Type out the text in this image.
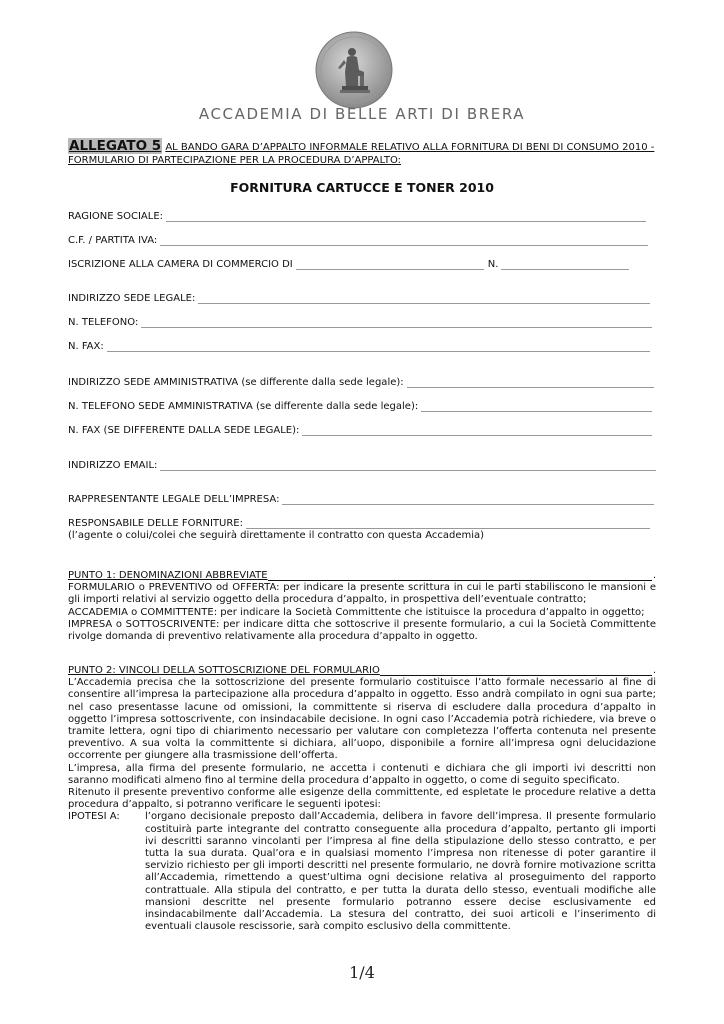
ACCADEMIA DI BELLE ARTI DI BRERA
ALLEGATO 5 AL BANDO GARA D’APPALTO INFORMALE RELATIVO ALLA FORNITURA DI BENI DI CONSUMO 2010 - FORMULARIO DI PARTECIPAZIONE PER LA PROCEDURA D’APPALTO:
FORNITURA CARTUCCE E TONER 2010
RAGIONE SOCIALE:
C.F. / PARTITA IVA:
ISCRIZIONE ALLA CAMERA DI COMMERCIO DI	N.
INDIRIZZO SEDE LEGALE:
N. TELEFONO:
N. FAX:
INDIRIZZO SEDE AMMINISTRATIVA (se differente dalla sede legale):
N. TELEFONO SEDE AMMINISTRATIVA (se differente dalla sede legale):
N. FAX (SE DIFFERENTE DALLA SEDE LEGALE):
INDIRIZZO EMAIL:
RAPPRESENTANTE LEGALE DELL’IMPRESA:
RESPONSABILE DELLE FORNITURE:
(l’agente o colui/colei che seguirà direttamente il contratto con questa Accademia)
PUNTO 1: DENOMINAZIONI ABBREVIATE	.

FORMULARIO o PREVENTIVO od OFFERTA: per indicare la presente scrittura in cui le parti stabiliscono le mansioni e gli importi relativi al servizio oggetto della procedura d’appalto, in prospettiva dell’eventuale contratto;

ACCADEMIA o COMMITTENTE: per indicare la Società Committente che istituisce la procedura d’appalto in oggetto;

IMPRESA o SOTTOSCRIVENTE: per indicare ditta che sottoscrive il presente formulario, a cui la Società Committente rivolge domanda di preventivo relativamente alla procedura d’appalto in oggetto.

PUNTO 2: VINCOLI DELLA SOTTOSCRIZIONE DEL FORMULARIO	.

L’Accademia precisa che la sottoscrizione del presente formulario costituisce l’atto formale necessario al fine di consentire all’impresa la partecipazione alla procedura d’appalto in oggetto. Esso andrà compilato in ogni sua parte; nel caso presentasse lacune od omissioni, la committente si riserva di escludere dalla procedura d’appalto in oggetto l’impresa sottoscrivente, con insindacabile decisione. In ogni caso l’Accademia potrà richiedere, via breve o tramite lettera, ogni tipo di chiarimento necessario per valutare con completezza l’offerta contenuta nel presente preventivo. A sua volta la committente si dichiara, all’uopo, disponibile a fornire all’impresa ogni delucidazione occorrente per giungere alla trasmissione dell’offerta.

L’impresa, alla firma del presente formulario, ne accetta i contenuti e dichiara che gli importi ivi descritti non saranno modificati almeno fino al termine della procedura d’appalto in oggetto, o come di seguito specificato.

Ritenuto il presente preventivo conforme alle esigenze della committente, ed espletate le procedure relative a detta procedura d’appalto, si potranno verificare le seguenti ipotesi:

IPOTESI A:	l’organo decisionale preposto dall’Accademia, delibera in favore dell’impresa. Il presente formulario costituirà parte integrante del contratto conseguente alla procedura d’appalto, pertanto gli importi ivi descritti saranno vincolanti per l’impresa al fine della stipulazione dello stesso contratto, e per tutta la sua durata. Qual’ora e in qualsiasi momento l’impresa non ritenesse di poter garantire il servizio richiesto per gli importi descritti nel presente formulario, ne dovrà fornire motivazione scritta all’Accademia, rimettendo a quest’ultima ogni decisione relativa al proseguimento del rapporto contrattuale. Alla stipula del contratto, e per tutta la durata dello stesso, eventuali modifiche alle mansioni descritte nel presente formulario potranno essere decise esclusivamente ed insindacabilmente dall’Accademia. La stesura del contratto, dei suoi articoli e l’inserimento di eventuali clausole rescissorie, sarà compito esclusivo della committente.
1/4
